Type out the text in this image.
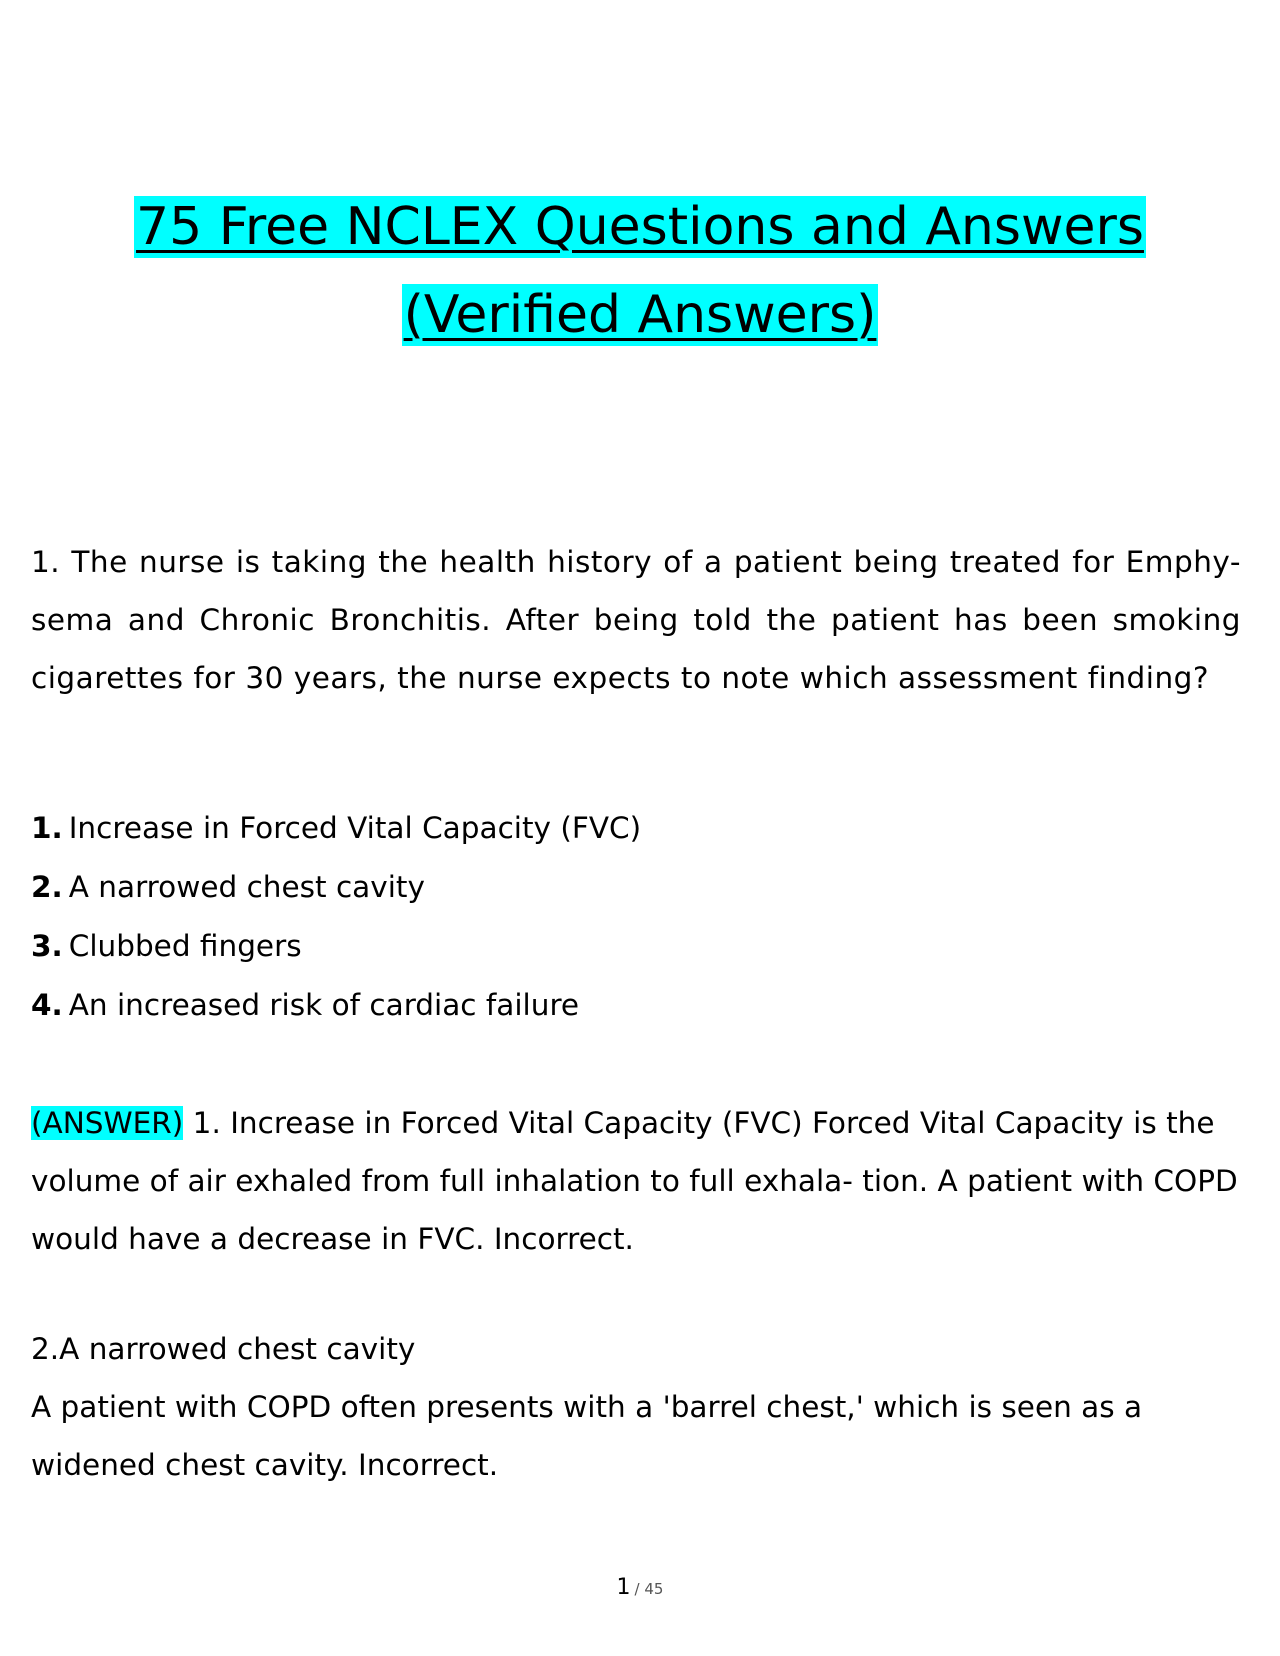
75 Free NCLEX Questions and Answers
(Verified Answers)
1. The nurse is taking the health history of a patient being treated for Emphy- sema and Chronic Bronchitis. After being told the patient has been smoking cigarettes for 30 years, the nurse expects to note which assessment finding?
1. Increase in Forced Vital Capacity (FVC)
2. A narrowed chest cavity
3. Clubbed fingers
4. An increased risk of cardiac failure
(ANSWER) 1. Increase in Forced Vital Capacity (FVC) Forced Vital Capacity is the volume of air exhaled from full inhalation to full exhala- tion. A patient with COPD would have a decrease in FVC. Incorrect.
2.A narrowed chest cavity
A patient with COPD often presents with a 'barrel chest,' which is seen as a widened chest cavity. Incorrect.
1 / 45
